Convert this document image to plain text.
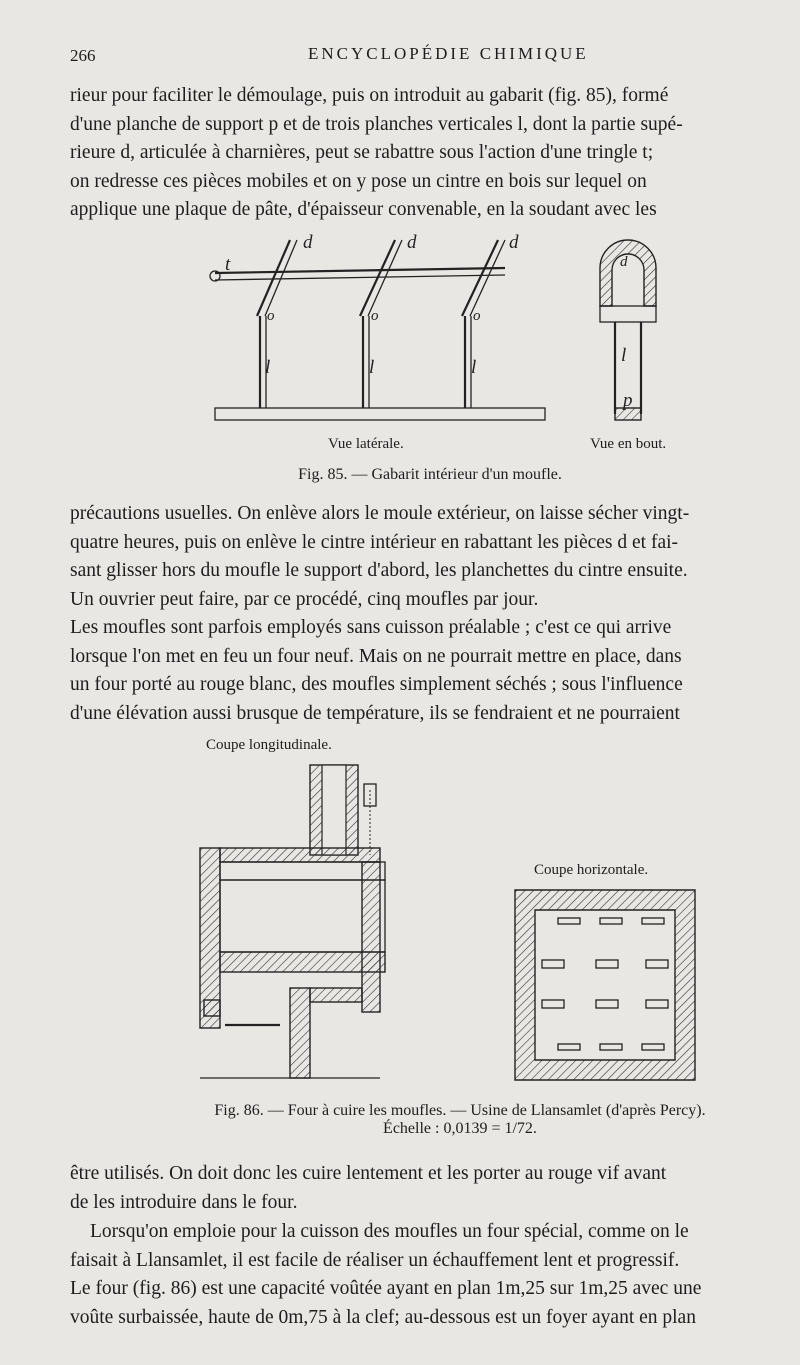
266	ENCYCLOPÉDIE CHIMIQUE

rieur pour faciliter le démoulage, puis on introduit au gabarit (fig. 85), formé
d'une planche de support p et de trois planches verticales l, dont la partie supé-
rieure d, articulée à charnières, peut se rabattre sous l'action d'une tringle t;
on redresse ces pièces mobiles et on y pose un cintre en bois sur lequel on
applique une plaque de pâte, d'épaisseur convenable, en la soudant avec les

t
d	d	d
o	o	o
l	l	l
d
l
p
Vue latérale.	Vue en bout.
Fig. 85. — Gabarit intérieur d'un moufle.

précautions usuelles. On enlève alors le moule extérieur, on laisse sécher vingt-
quatre heures, puis on enlève le cintre intérieur en rabattant les pièces d et fai-
sant glisser hors du moufle le support d'abord, les planchettes du cintre ensuite.
Un ouvrier peut faire, par ce procédé, cinq moufles par jour.

Les moufles sont parfois employés sans cuisson préalable ; c'est ce qui arrive
lorsque l'on met en feu un four neuf. Mais on ne pourrait mettre en place, dans
un four porté au rouge blanc, des moufles simplement séchés ; sous l'influence
d'une élévation aussi brusque de température, ils se fendraient et ne pourraient

Coupe longitudinale.
Coupe horizontale.
Fig. 86. — Four à cuire les moufles. — Usine de Llansamlet (d'après Percy).
Échelle : 0,0139 = 1/72.

être utilisés. On doit donc les cuire lentement et les porter au rouge vif avant
de les introduire dans le four.

Lorsqu'on emploie pour la cuisson des moufles un four spécial, comme on le
faisait à Llansamlet, il est facile de réaliser un échauffement lent et progressif.
Le four (fig. 86) est une capacité voûtée ayant en plan 1m,25 sur 1m,25 avec une
voûte surbaissée, haute de 0m,75 à la clef; au-dessous est un foyer ayant en plan
